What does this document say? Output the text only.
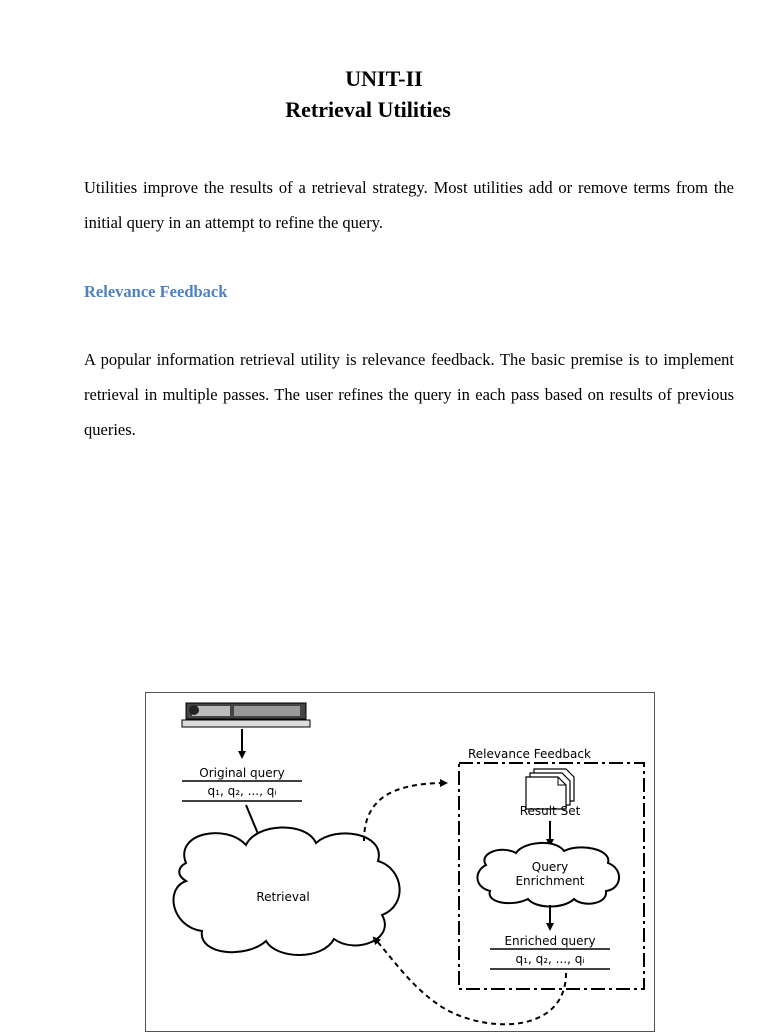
UNIT-II
Retrieval Utilities
Utilities improve the results of a retrieval strategy. Most utilities add or remove terms from the initial query in an attempt to refine the query.
Relevance Feedback
A popular information retrieval utility is relevance feedback. The basic premise is to implement retrieval in multiple passes. The user refines the query in each pass based on results of previous queries.
Original query
q₁, q₂, ..., qᵢ
Retrieval
Relevance Feedback
Result Set
Query
Enrichment
Enriched query
q₁, q₂, ..., qᵢ
